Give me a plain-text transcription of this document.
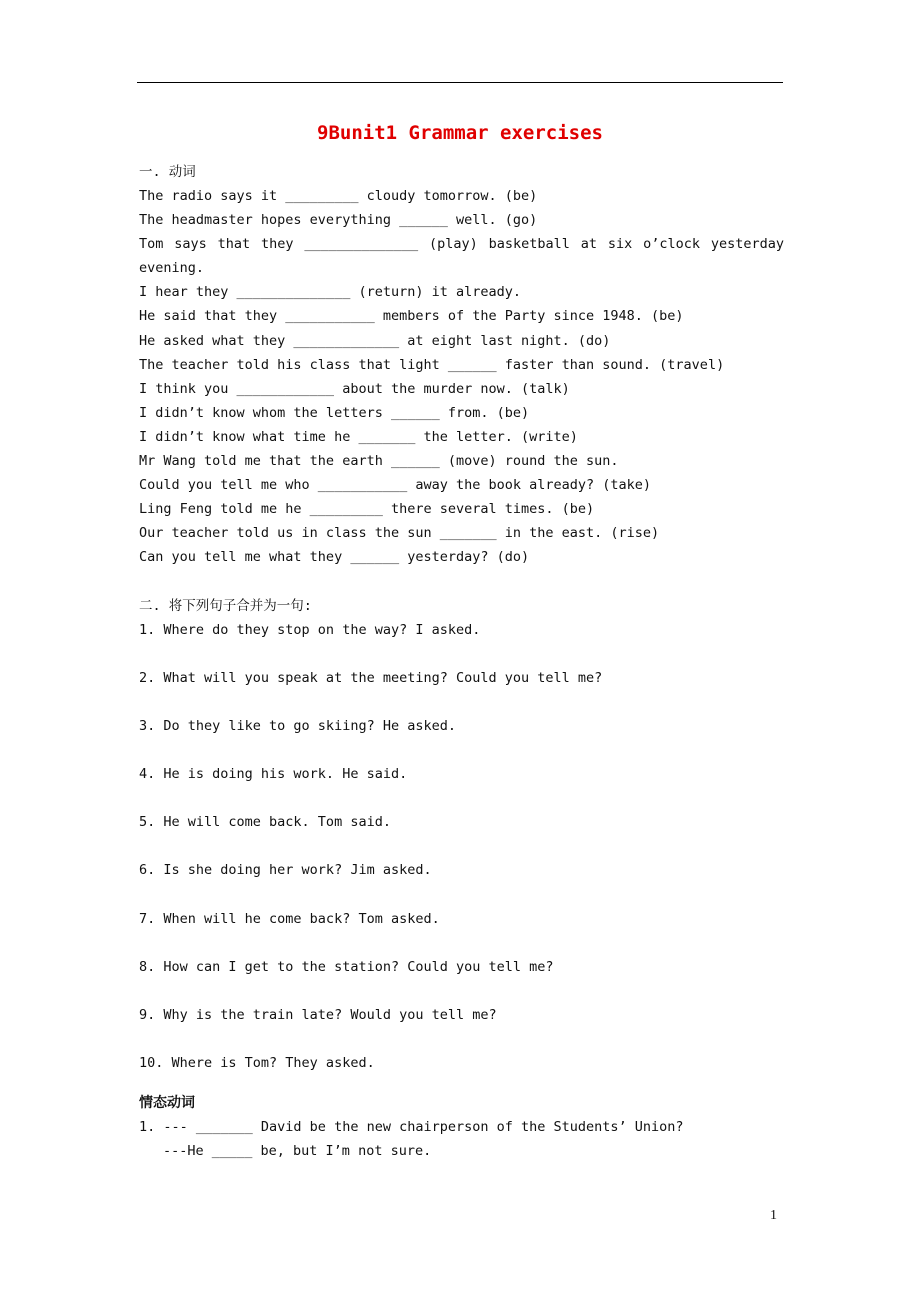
9Bunit1 Grammar exercises
一. 动词
The radio says it _________ cloudy tomorrow. (be)
The headmaster hopes everything ______ well. (go)
Tom says that they ______________ (play) basketball at six o’clock yesterday
evening.
I hear they ______________ (return) it already.
He said that they ___________ members of the Party since 1948. (be)
He asked what they _____________ at eight last night. (do)
The teacher told his class that light ______ faster than sound. (travel)
I think you ____________ about the murder now. (talk)
I didn’t know whom the letters ______ from. (be)
I didn’t know what time he _______ the letter. (write)
Mr Wang told me that the earth ______ (move) round the sun.
Could you tell me who ___________ away the book already? (take)
Ling Feng told me he _________ there several times. (be)
Our teacher told us in class the sun _______ in the east. (rise)
Can you tell me what they ______ yesterday? (do)
二. 将下列句子合并为一句:
1. Where do they stop on the way? I asked.
2. What will you speak at the meeting? Could you tell me?
3. Do they like to go skiing? He asked.
4. He is doing his work. He said.
5. He will come back. Tom said.
6. Is she doing her work? Jim asked.
7. When will he come back? Tom asked.
8. How can I get to the station? Could you tell me?
9. Why is the train late? Would you tell me?
10. Where is Tom? They asked.
情态动词
1. --- _______ David be the new chairperson of the Students’ Union?
---He _____ be, but I’m not sure.
1
